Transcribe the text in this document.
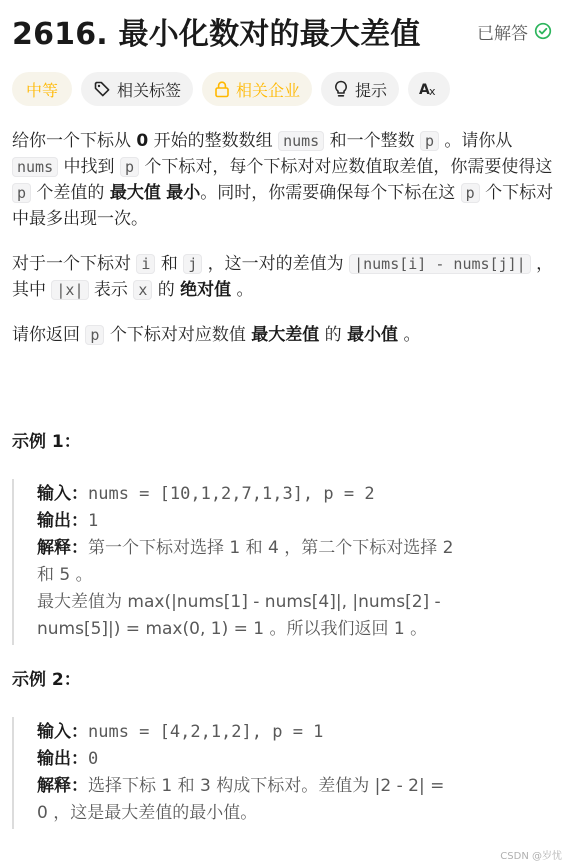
2616. 最小化数对的最大差值	已解答
中等	相关标签	相关企业	提示 A x

给你一个下标从 0 开始的整数数组 nums 和一个整数 p 。请你从 nums 中找到 p 个下标对，每个下标对对应数值取差值，你需要使得这 p 个差值的 最大值 最小。同时，你需要确保每个下标在这 p 个下标对中最多出现一次。

对于一个下标对 i 和 j ，这一对的差值为 |nums[i] - nums[j]| ，其中 |x| 表示 x 的 绝对值 。

请你返回 p 个下标对对应数值 最大差值 的 最小值 。

示例 1：

输入：nums = [10,1,2,7,1,3], p = 2
输出：1
解释：第一个下标对选择 1 和 4 ，第二个下标对选择 2
和 5 。
最大差值为 max(|nums[1] - nums[4]|, |nums[2] -
nums[5]|) = max(0, 1) = 1 。所以我们返回 1 。

示例 2：

输入：nums = [4,2,1,2], p = 1
输出：0
解释：选择下标 1 和 3 构成下标对。差值为 |2 - 2| =
0 ，这是最大差值的最小值。
CSDN @岁忧
